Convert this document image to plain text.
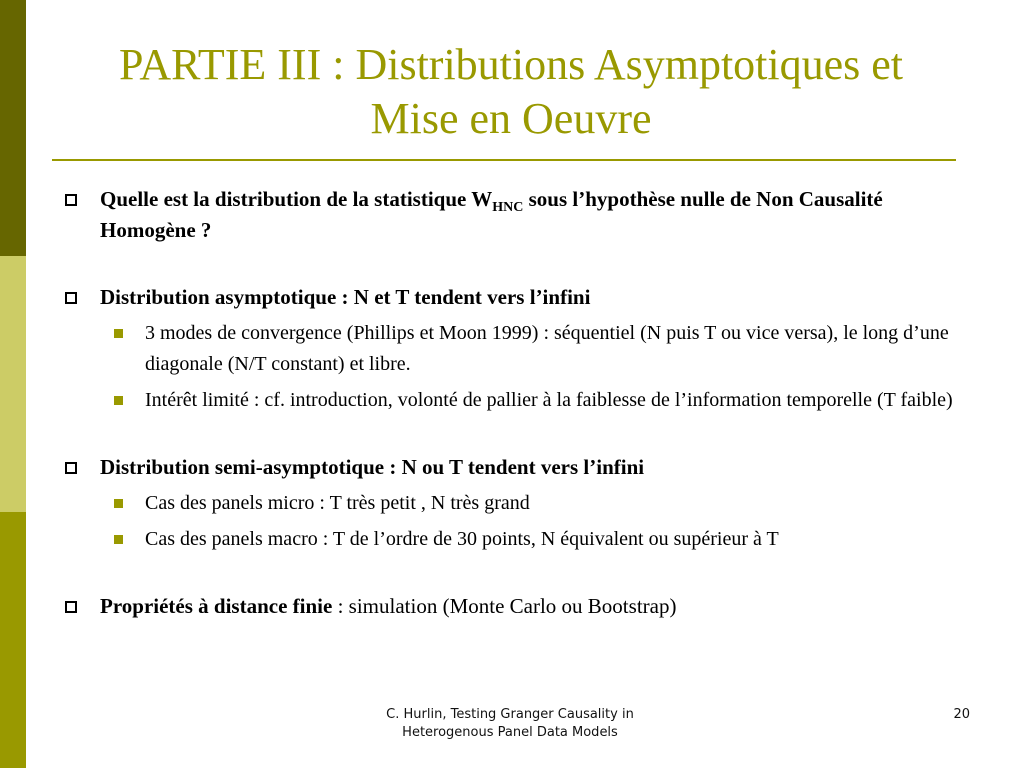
PARTIE III : Distributions Asymptotiques et
Mise en Oeuvre
Quelle est la distribution de la statistique $W_{HNC}$ sous l’hypothèse nulle de Non Causalité Homogène ?
Distribution asymptotique : N et T tendent vers l’infini
3 modes de convergence (Phillips et Moon 1999) : séquentiel (N puis T ou vice versa), le long d’une diagonale (N/T constant) et libre.
Intérêt limité : cf. introduction, volonté de pallier à la faiblesse de l’information temporelle (T faible)
Distribution semi-asymptotique : N ou T tendent vers l’infini
Cas des panels micro : T très petit , N très grand
Cas des panels macro : T de l’ordre de 30 points, N équivalent ou supérieur à T
Propriétés à distance finie : simulation (Monte Carlo ou Bootstrap)
C. Hurlin, Testing Granger Causality in
Heterogenous Panel Data Models
20
